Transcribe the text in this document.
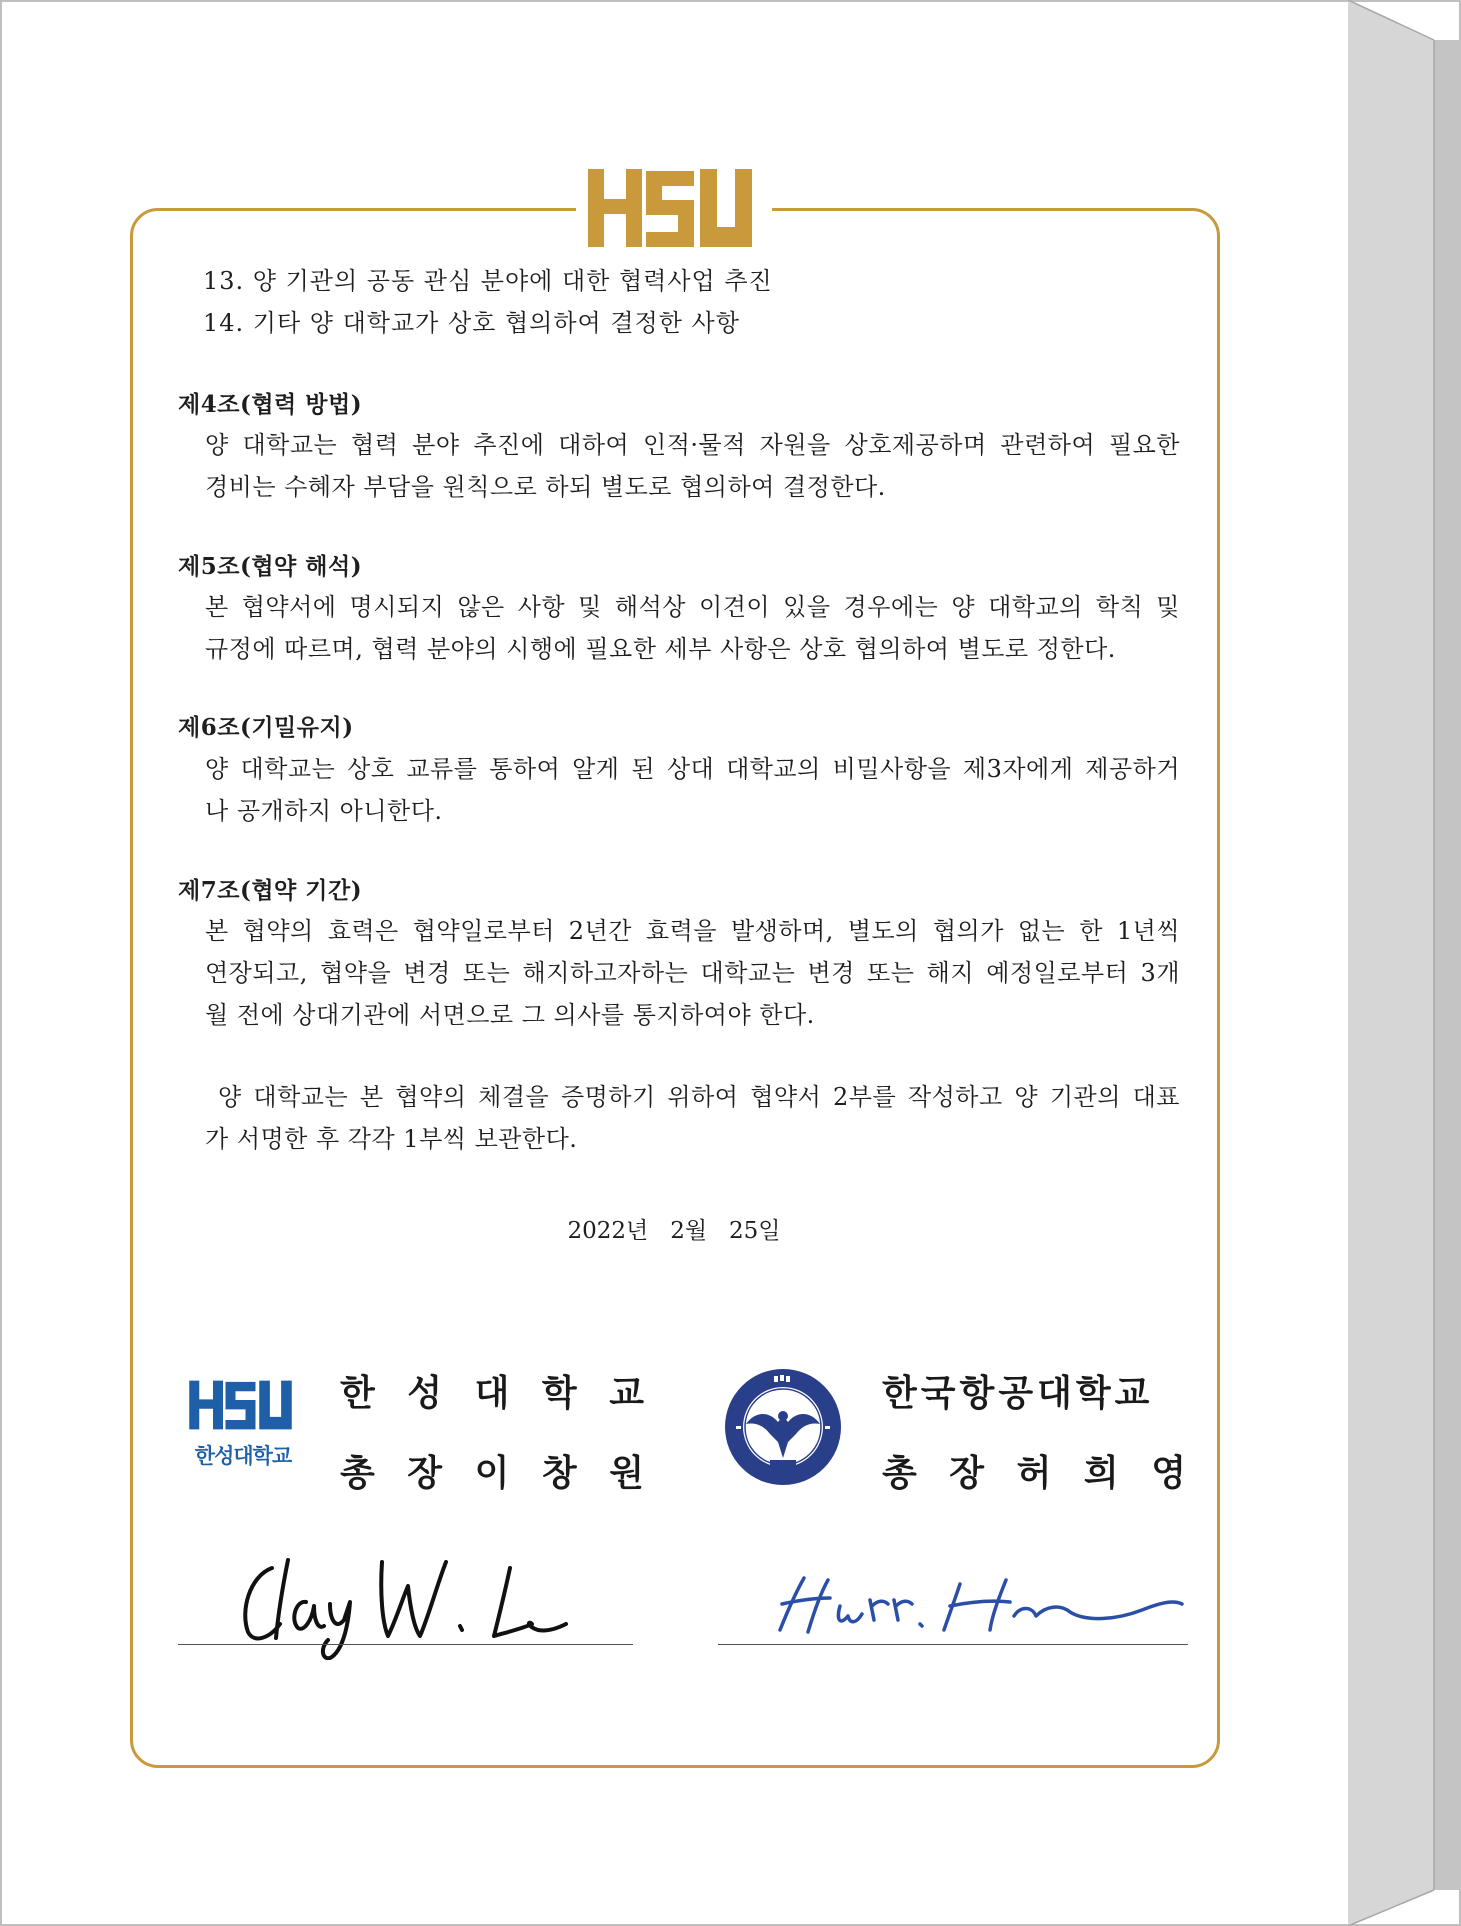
13. 양 기관의 공동 관심 분야에 대한 협력사업 추진
14. 기타 양 대학교가 상호 협의하여 결정한 사항
제4조(협력 방법)
양 대학교는 협력 분야 추진에 대하여 인적·물적 자원을 상호제공하며 관련하여 필요한
경비는 수혜자 부담을 원칙으로 하되 별도로 협의하여 결정한다.
제5조(협약 해석)
본 협약서에 명시되지 않은 사항 및 해석상 이견이 있을 경우에는 양 대학교의 학칙 및
규정에 따르며, 협력 분야의 시행에 필요한 세부 사항은 상호 협의하여 별도로 정한다.
제6조(기밀유지)
양 대학교는 상호 교류를 통하여 알게 된 상대 대학교의 비밀사항을 제3자에게 제공하거
나 공개하지 아니한다.
제7조(협약 기간)
본 협약의 효력은 협약일로부터 2년간 효력을 발생하며, 별도의 협의가 없는 한 1년씩
연장되고, 협약을 변경 또는 해지하고자하는 대학교는 변경 또는 해지 예정일로부터 3개
월 전에 상대기관에 서면으로 그 의사를 통지하여야 한다.
양 대학교는 본 협약의 체결을 증명하기 위하여 협약서 2부를 작성하고 양 기관의 대표
가 서명한 후 각각 1부씩 보관한다.
2022년   2월   25일
한성대학교
한 성 대 학 교
총 장 이 창 원
한국항공대학교
총 장 허 희 영
